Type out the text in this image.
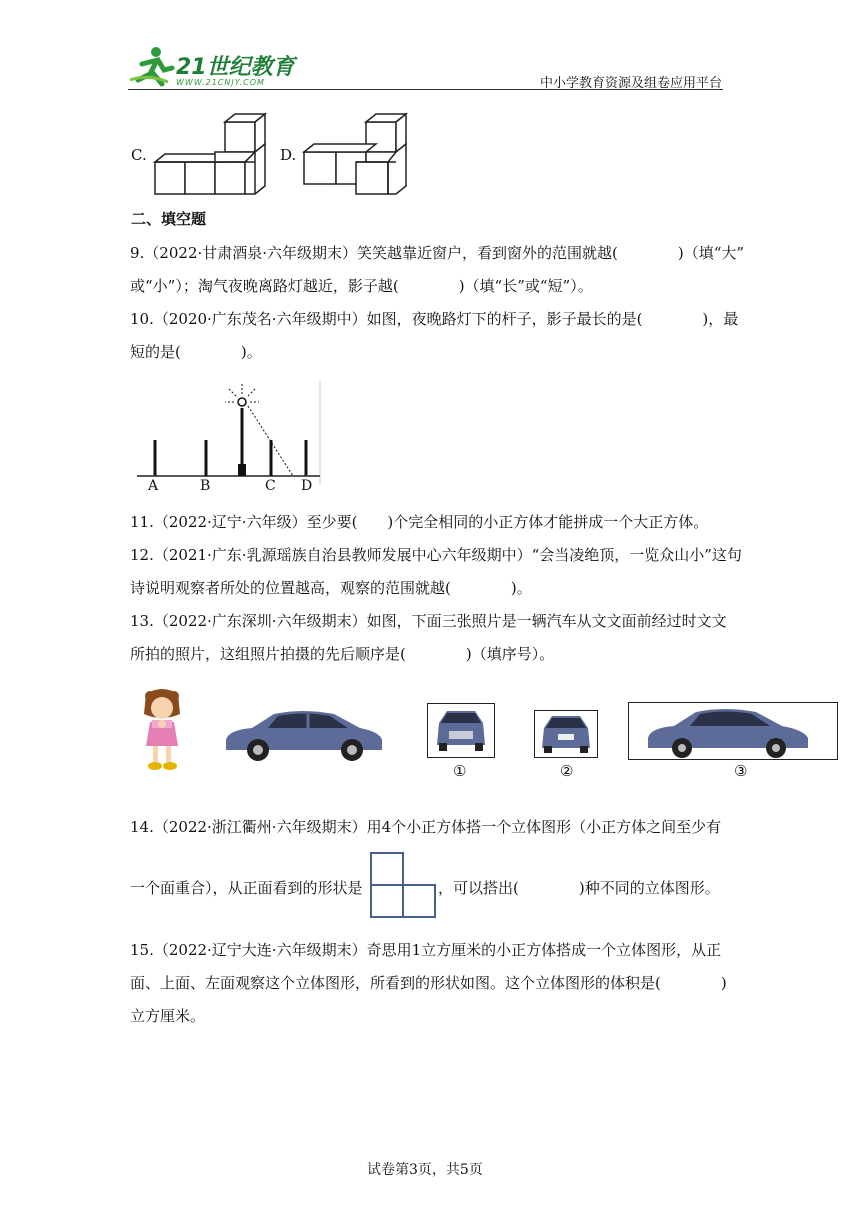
21世纪教育
WWW.21CNJY.COM	中小学教育资源及组卷应用平台
C.	D.
二、填空题
9.（2022·甘肃酒泉·六年级期末）笑笑越靠近窗户，看到窗外的范围就越(　　　　)（填“大”
或“小”）；淘气夜晚离路灯越近，影子越(　　　　)（填“长”或“短”）。
10.（2020·广东茂名·六年级期中）如图，夜晚路灯下的杆子，影子最长的是(　　　　)，最
短的是(　　　　)。
A	B	C D
11.（2022·辽宁·六年级）至少要(　　)个完全相同的小正方体才能拼成一个大正方体。
12.（2021·广东·乳源瑶族自治县教师发展中心六年级期中）“会当凌绝顶，一览众山小”这句
诗说明观察者所处的位置越高，观察的范围就越(　　　　)。
13.（2022·广东深圳·六年级期末）如图，下面三张照片是一辆汽车从文文面前经过时文文
所拍的照片，这组照片拍摄的先后顺序是(　　　　)（填序号）。
①	②	③
14.（2022·浙江衢州·六年级期末）用4个小正方体搭一个立体图形（小正方体之间至少有
一个面重合），从正面看到的形状是	，可以搭出(　　　　)种不同的立体图形。
15.（2022·辽宁大连·六年级期末）奇思用1立方厘米的小正方体搭成一个立体图形，从正
面、上面、左面观察这个立体图形，所看到的形状如图。这个立体图形的体积是(　　　　)
立方厘米。
试卷第3页，共5页
